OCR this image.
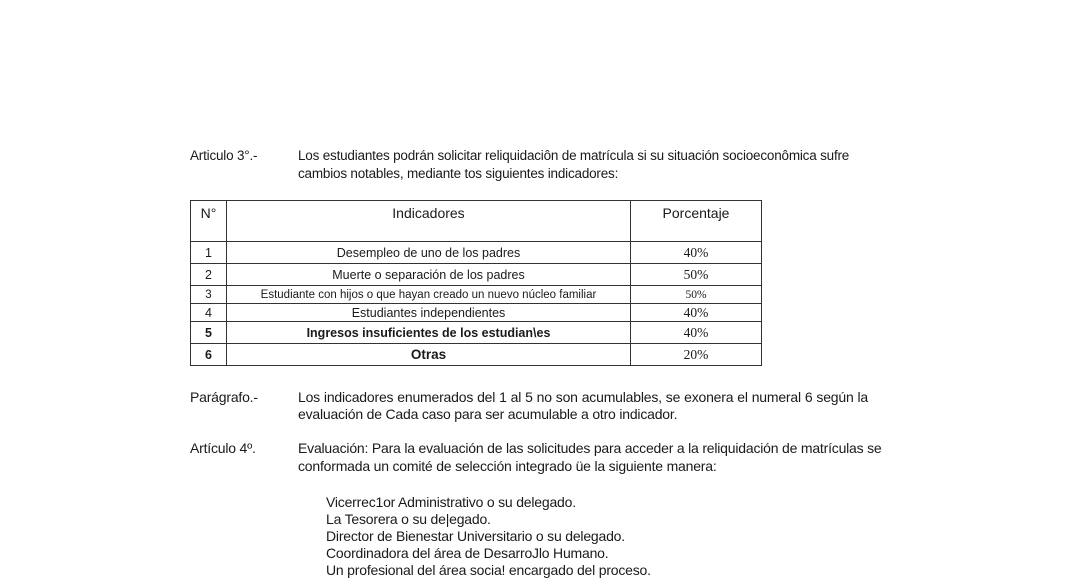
Articulo 3°.-	Los estudiantes podrán solicitar reliquidaciôn de matrícula si su situación socioeconômica sufre
cambios notables, mediante tos siguientes indicadores:
N°	Indicadores	Porcentaje
1	Desempleo de uno de los padres	40%
2	Muerte o separación de los padres	50%
3	Estudiante con hijos o que hayan creado un nuevo núcleo familiar	50%
4	Estudiantes independientes	40%
5	Ingresos insuficientes de los estudian\es	40%
6	Otras	20%
Parágrafo.-	Los indicadores enumerados del 1 al 5 no son acumulables, se exonera el numeral 6 según la
evaluación de Cada caso para ser acumulable a otro indicador.
Artículo 4º.	Evaluación: Para la evaluación de las solicitudes para acceder a la reliquidación de matrículas se
conformada un comité de selección integrado üe la siguiente manera:
Vicerrec1or Administrativo o su delegado.
La Tesorera o su de|egado.
Director de Bienestar Universitario o su delegado.
Coordinadora del área de DesarroJlo Humano.
Un profesional del área socia! encargado del proceso.
